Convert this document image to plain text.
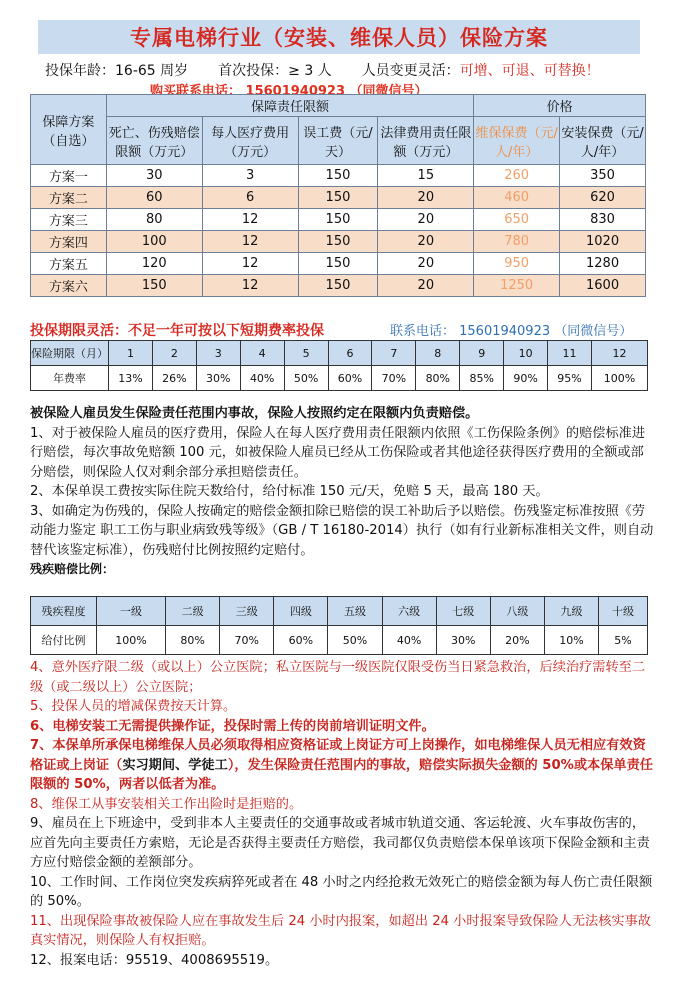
专属电梯行业（安装、维保人员）保险方案
投保年龄： 16-65 周岁 首次投保： ≥ 3 人 人员变更灵活： 可增、可退、可替换！
购买联系电话： 15601940923 （同微信号）
保障方案（自选）	保障责任限额				价格	
	死亡、伤残赔偿限额（万元）	每人医疗费用（万元）	误工费（元/天）	法律费用责任限额（万元）	维保保费（元/人/年）	安装保费（元/人/年）
方案一	30	3	150	15	260	350
方案二	60	6	150	20	460	620
方案三	80	12	150	20	650	830
方案四	100	12	150	20	780	1020
方案五	120	12	150	20	950	1280
方案六	150	12	150	20	1250	1600
投保期限灵活：不足一年可按以下短期费率投保	联系电话： 15601940923 （同微信号）
保险期限（月）	1	2	3	4	5	6	7	8	9	10	11	12
年费率	13%	26%	30%	40%	50%	60%	70%	80%	85%	90%	95%	100%

被保险人雇员发生保险责任范围内事故，保险人按照约定在限额内负责赔偿。

1、对于被保险人雇员的医疗费用，保险人在每人医疗费用责任限额内依照《工伤保险条例》的赔偿标准进行赔偿，每次事故免赔额 100 元，如被保险人雇员已经从工伤保险或者其他途径获得医疗费用的全额或部分赔偿，则保险人仅对剩余部分承担赔偿责任。

2、本保单误工费按实际住院天数给付，给付标准 150 元/天，免赔 5 天，最高 180 天。

3、如确定为伤残的，保险人按确定的赔偿金额扣除已赔偿的误工补助后予以赔偿。伤残鉴定标准按照《劳动能力鉴定 职工工伤与职业病致残等级》（GB / T 16180-2014）执行（如有行业新标准相关文件，则自动替代该鉴定标准），伤残赔付比例按照约定赔付。

残疾赔偿比例：

残疾程度	一级	二级	三级	四级	五级	六级	七级	八级	九级	十级
给付比例	100%	80%	70%	60%	50%	40%	30%	20%	10%	5%

4、意外医疗限二级（或以上）公立医院；私立医院与一级医院仅限受伤当日紧急救治，后续治疗需转至二级（或二级以上）公立医院；

5、投保人员的增减保费按天计算。

6、电梯安装工无需提供操作证，投保时需上传的岗前培训证明文件。

7、本保单所承保电梯维保人员必须取得相应资格证或上岗证方可上岗操作，如电梯维保人员无相应有效资格证或上岗证（实习期间、学徒工），发生保险责任范围内的事故，赔偿实际损失金额的 50%或本保单责任限额的 50%，两者以低者为准。

8、维保工从事安装相关工作出险时是拒赔的。

9、雇员在上下班途中，受到非本人主要责任的交通事故或者城市轨道交通、客运轮渡、火车事故伤害的，应首先向主要责任方索赔，无论是否获得主要责任方赔偿，我司都仅负责赔偿本保单该项下保险金额和主责方应付赔偿金额的差额部分。

10、工作时间、工作岗位突发疾病猝死或者在 48 小时之内经抢救无效死亡的赔偿金额为每人伤亡责任限额的 50%。

11、出现保险事故被保险人应在事故发生后 24 小时内报案，如超出 24 小时报案导致保险人无法核实事故真实情况，则保险人有权拒赔。

12、报案电话：95519、4008695519。
